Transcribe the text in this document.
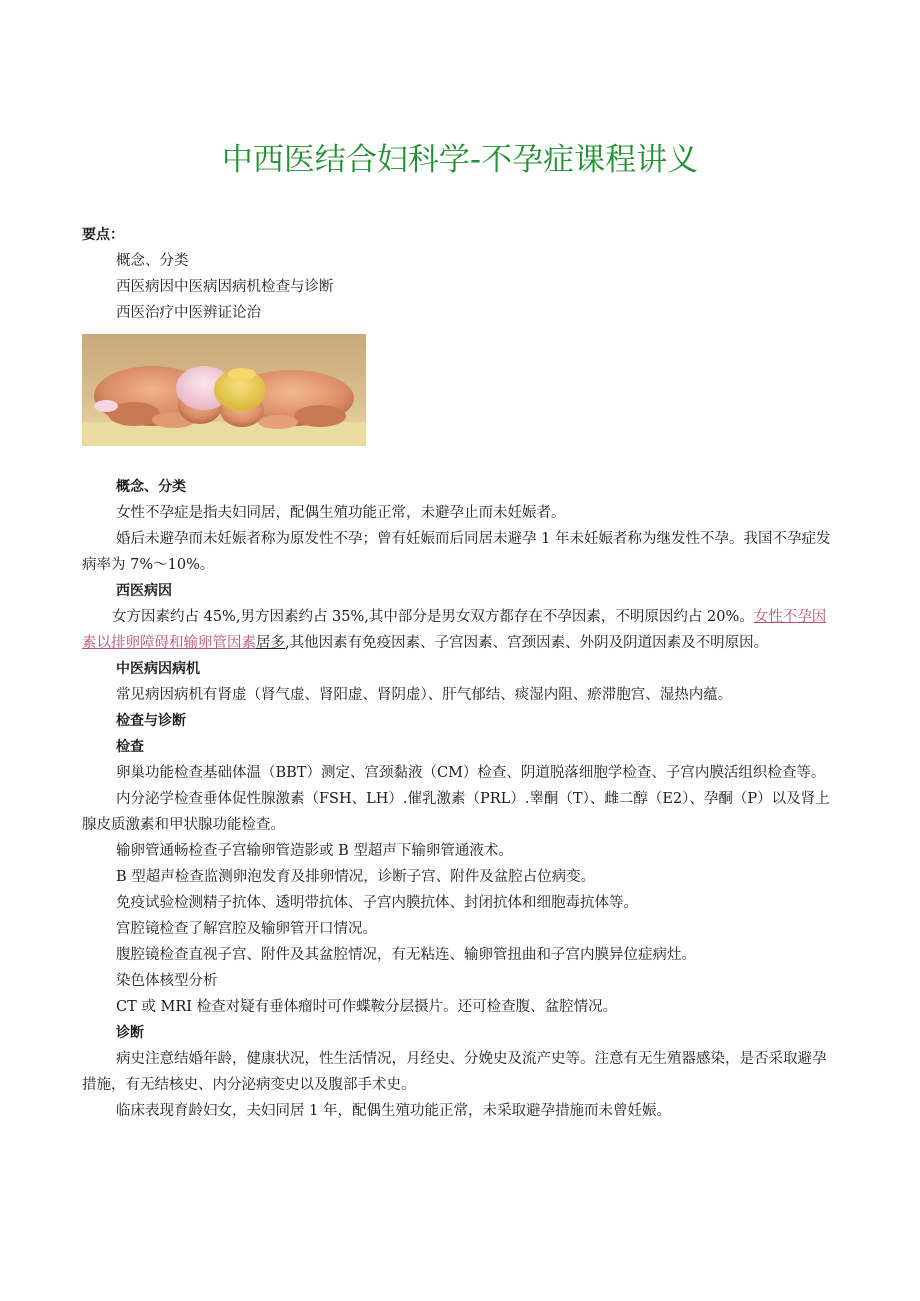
中西医结合妇科学-不孕症课程讲义

要点：

概念、分类

西医病因中医病因病机检查与诊断

西医治疗中医辨证论治

概念、分类

女性不孕症是指夫妇同居，配偶生殖功能正常，未避孕止而未妊娠者。

婚后未避孕而未妊娠者称为原发性不孕；曾有妊娠而后同居未避孕 1 年未妊娠者称为继发性不孕。我国不孕症发病率为 7%～10%。

西医病因

女方因素约占 45%,男方因素约占 35%,其中部分是男女双方都存在不孕因素，不明原因约占 20%。女性不孕因素以排卵障碍和输卵管因素居多,其他因素有免疫因素、子宫因素、宫颈因素、外阴及阴道因素及不明原因。

中医病因病机

常见病因病机有肾虚（肾气虚、肾阳虚、肾阴虚）、肝气郁结、痰湿内阻、瘀滞胞宫、湿热内蕴。

检查与诊断

检查

卵巢功能检查基础体温（BBT）测定、宫颈黏液（CM）检查、阴道脱落细胞学检查、子宫内膜活组织检查等。

内分泌学检查垂体促性腺激素（FSH、LH）.催乳激素（PRL）.睾酮（T）、雌二醇（E2）、孕酮（P）以及肾上腺皮质激素和甲状腺功能检查。

输卵管通畅检查子宫输卵管造影或 B 型超声下输卵管通液术。

B 型超声检查监测卵泡发育及排卵情况，诊断子宫、附件及盆腔占位病变。

免疫试验检测精子抗体、透明带抗体、子宫内膜抗体、封闭抗体和细胞毒抗体等。

宫腔镜检查了解宫腔及输卵管开口情况。

腹腔镜检查直视子宫、附件及其盆腔情况，有无粘连、输卵管扭曲和子宫内膜异位症病灶。

染色体核型分析

CT 或 MRI 检查对疑有垂体瘤时可作蝶鞍分层摄片。还可检查腹、盆腔情况。

诊断

病史注意结婚年龄，健康状况，性生活情况，月经史、分娩史及流产史等。注意有无生殖器感染，是否采取避孕措施，有无结核史、内分泌病变史以及腹部手术史。

临床表现育龄妇女，夫妇同居 1 年，配偶生殖功能正常，未采取避孕措施而未曾妊娠。
